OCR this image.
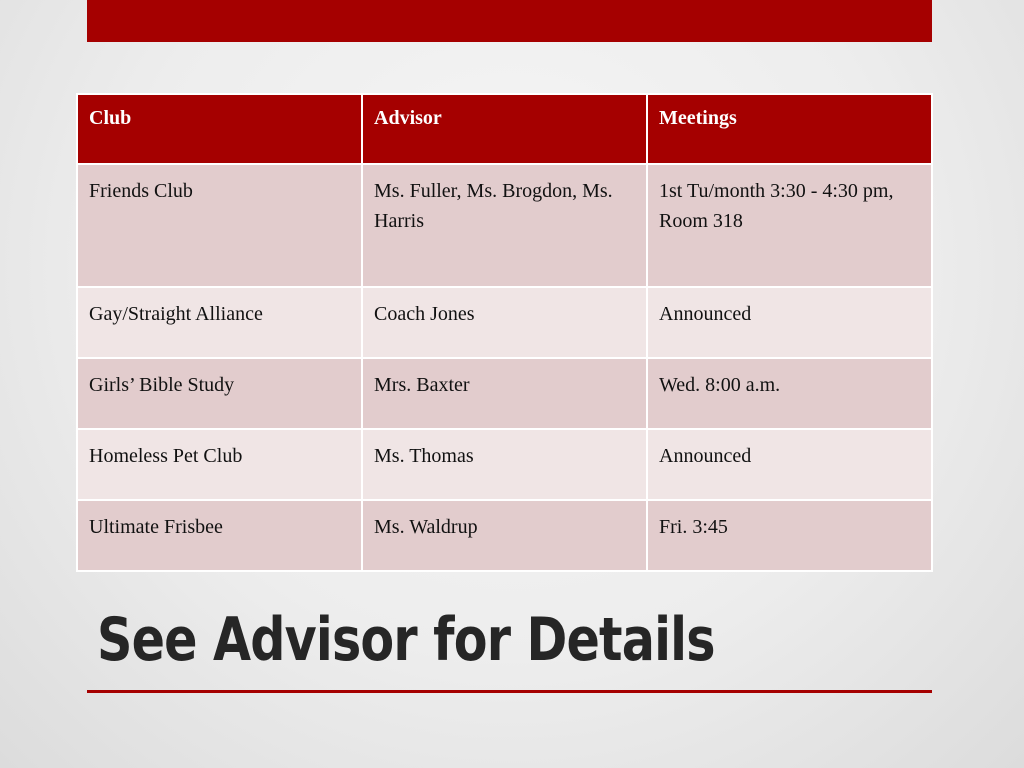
Club	Advisor	Meetings
Friends Club	Ms. Fuller, Ms. Brogdon, Ms. Harris	1st Tu/month 3:30 - 4:30 pm, Room 318
Gay/Straight Alliance	Coach Jones	Announced
Girls’ Bible Study	Mrs. Baxter	Wed. 8:00 a.m.
Homeless Pet Club	Ms. Thomas	Announced
Ultimate Frisbee	Ms. Waldrup	Fri. 3:45
See Advisor for Details
